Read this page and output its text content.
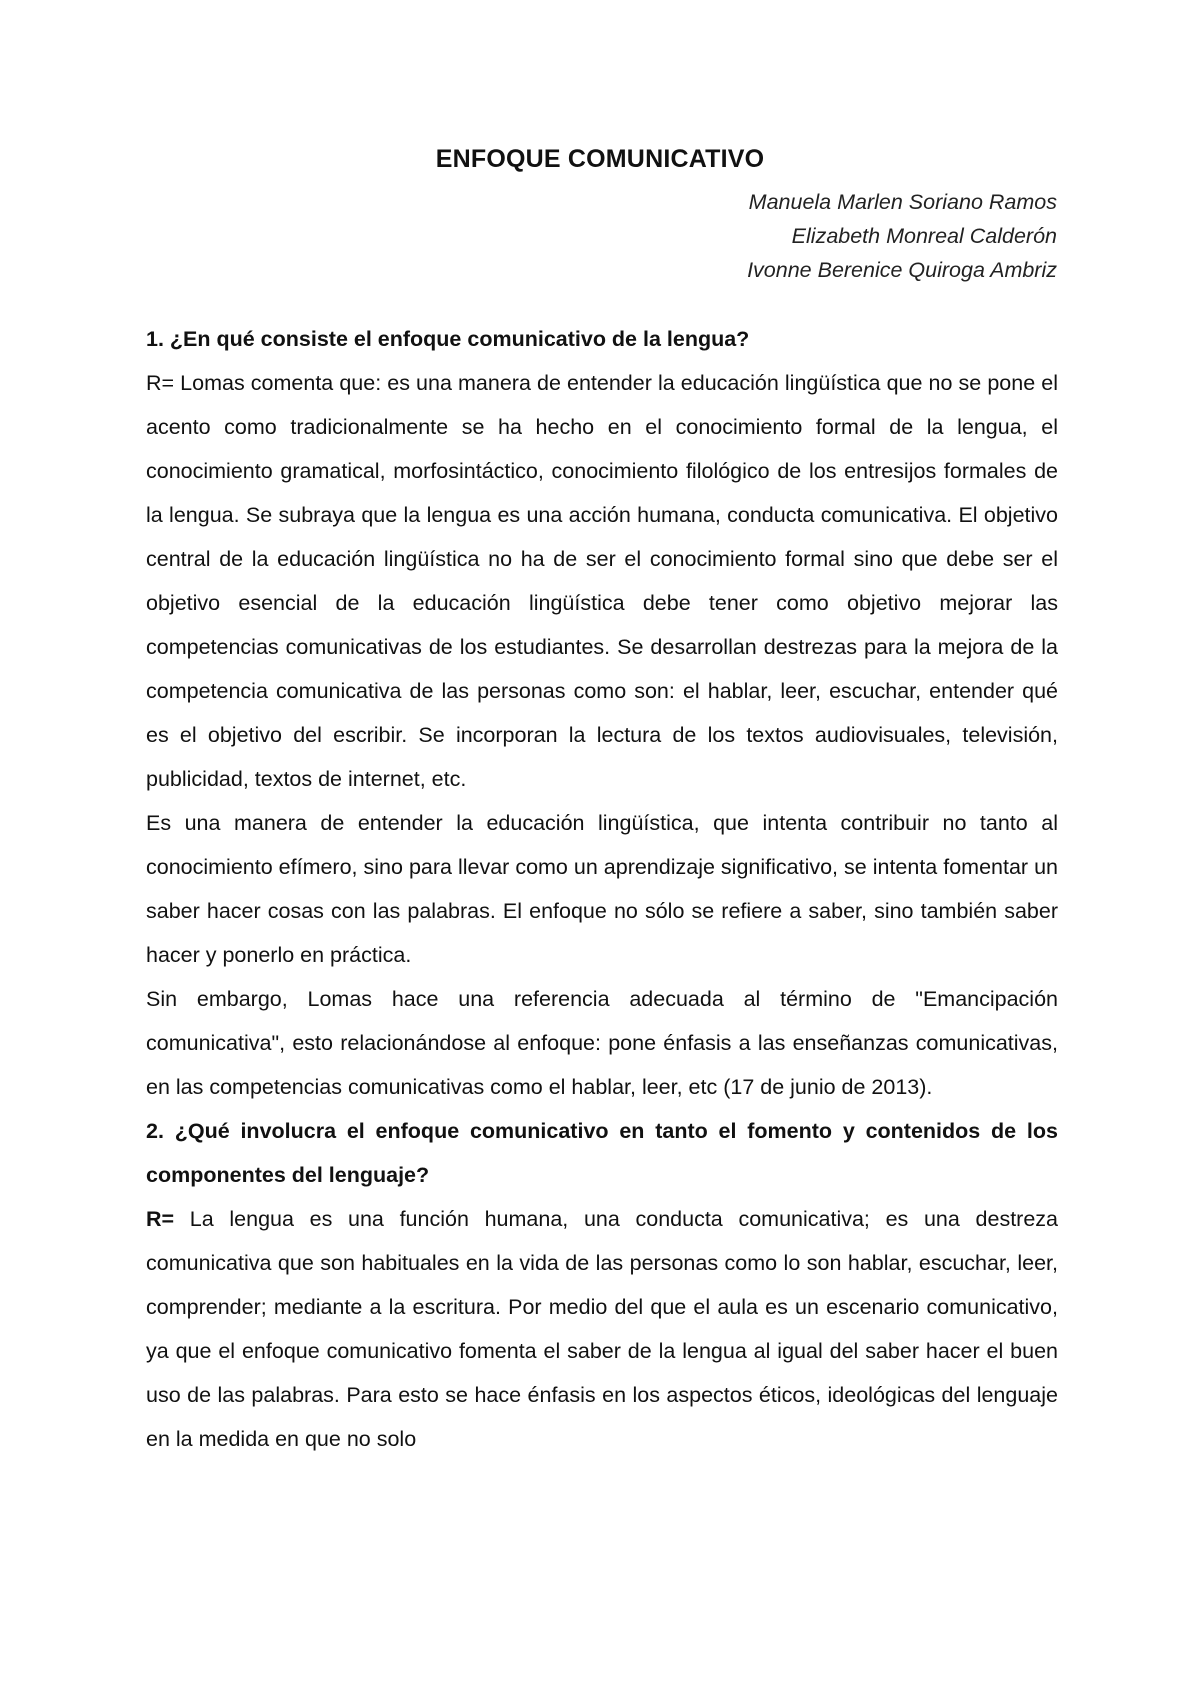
ENFOQUE COMUNICATIVO
Manuela Marlen Soriano Ramos
Elizabeth Monreal Calderón
Ivonne Berenice Quiroga Ambriz

1. ¿En qué consiste el enfoque comunicativo de la lengua?

R= Lomas comenta que: es una manera de entender la educación lingüística que no se pone el acento como tradicionalmente se ha hecho en el conocimiento formal de la lengua, el conocimiento gramatical, morfosintáctico, conocimiento filológico de los entresijos formales de la lengua. Se subraya que la lengua es una acción humana, conducta comunicativa. El objetivo central de la educación lingüística no ha de ser el conocimiento formal sino que debe ser el objetivo esencial de la educación lingüística debe tener como objetivo mejorar las competencias comunicativas de los estudiantes. Se desarrollan destrezas para la mejora de la competencia comunicativa de las personas como son: el hablar, leer, escuchar, entender qué es el objetivo del escribir. Se incorporan la lectura de los textos audiovisuales, televisión, publicidad, textos de internet, etc.

Es una manera de entender la educación lingüística, que intenta contribuir no tanto al conocimiento efímero, sino para llevar como un aprendizaje significativo, se intenta fomentar un saber hacer cosas con las palabras. El enfoque no sólo se refiere a saber, sino también saber hacer y ponerlo en práctica.

Sin embargo, Lomas hace una referencia adecuada al término de "Emancipación comunicativa", esto relacionándose al enfoque: pone énfasis a las enseñanzas comunicativas, en las competencias comunicativas como el hablar, leer, etc (17 de junio de 2013).

2. ¿Qué involucra el enfoque comunicativo en tanto el fomento y contenidos de los componentes del lenguaje?

R= La lengua es una función humana, una conducta comunicativa; es una destreza comunicativa que son habituales en la vida de las personas como lo son hablar, escuchar, leer, comprender; mediante a la escritura. Por medio del que el aula es un escenario comunicativo, ya que el enfoque comunicativo fomenta el saber de la lengua al igual del saber hacer el buen uso de las palabras. Para esto se hace énfasis en los aspectos éticos, ideológicas del lenguaje en la medida en que no solo
